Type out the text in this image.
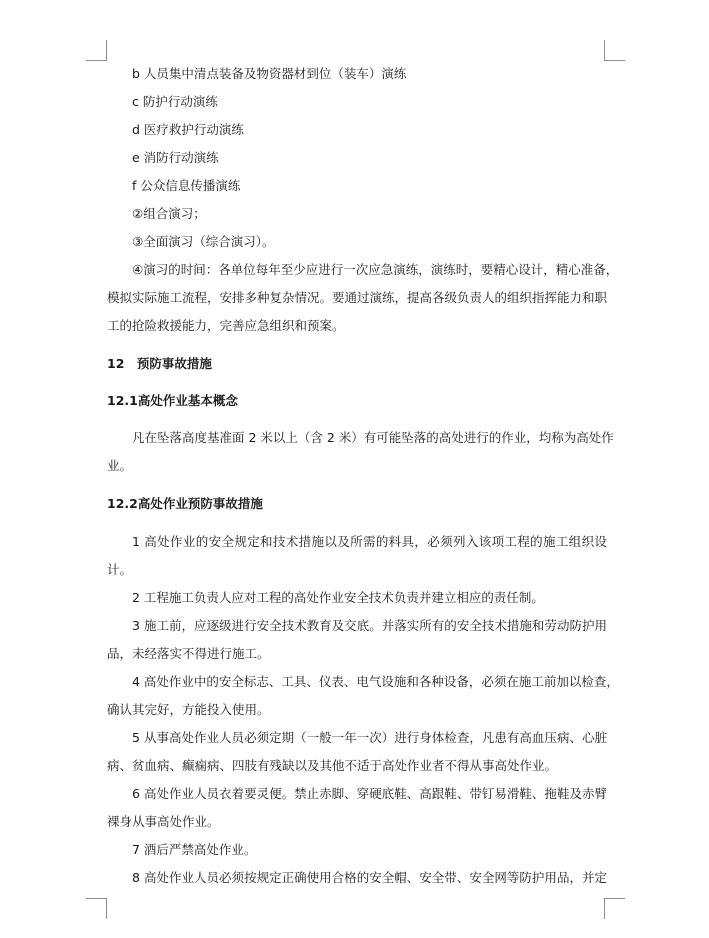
b 人员集中清点装备及物资器材到位（装车）演练
c 防护行动演练
d 医疗救护行动演练
e 消防行动演练
f 公众信息传播演练
②组合演习；
③全面演习（综合演习）。
④演习的时间：各单位每年至少应进行一次应急演练，演练时，要精心设计，精心准备，
模拟实际施工流程，安排多种复杂情况。要通过演练，提高各级负责人的组织指挥能力和职
工的抢险救援能力，完善应急组织和预案。
12　预防事故措施
12.1高处作业基本概念
凡在坠落高度基准面 2 米以上（含 2 米）有可能坠落的高处进行的作业，均称为高处作
业。
12.2高处作业预防事故措施
1 高处作业的安全规定和技术措施以及所需的料具，必须列入该项工程的施工组织设
计。
2 工程施工负责人应对工程的高处作业安全技术负责并建立相应的责任制。
3 施工前，应逐级进行安全技术教育及交底。并落实所有的安全技术措施和劳动防护用
品，未经落实不得进行施工。
4 高处作业中的安全标志、工具、仪表、电气设施和各种设备，必须在施工前加以检查，
确认其完好，方能投入使用。
5 从事高处作业人员必须定期（一般一年一次）进行身体检查，凡患有高血压病、心脏
病、贫血病、癫痫病、四肢有残缺以及其他不适于高处作业者不得从事高处作业。
6 高处作业人员衣着要灵便。禁止赤脚、穿硬底鞋、高跟鞋、带钉易滑鞋、拖鞋及赤臂
裸身从事高处作业。
7 酒后严禁高处作业。
8 高处作业人员必须按规定正确使用合格的安全帽、安全带、安全网等防护用品，并定
